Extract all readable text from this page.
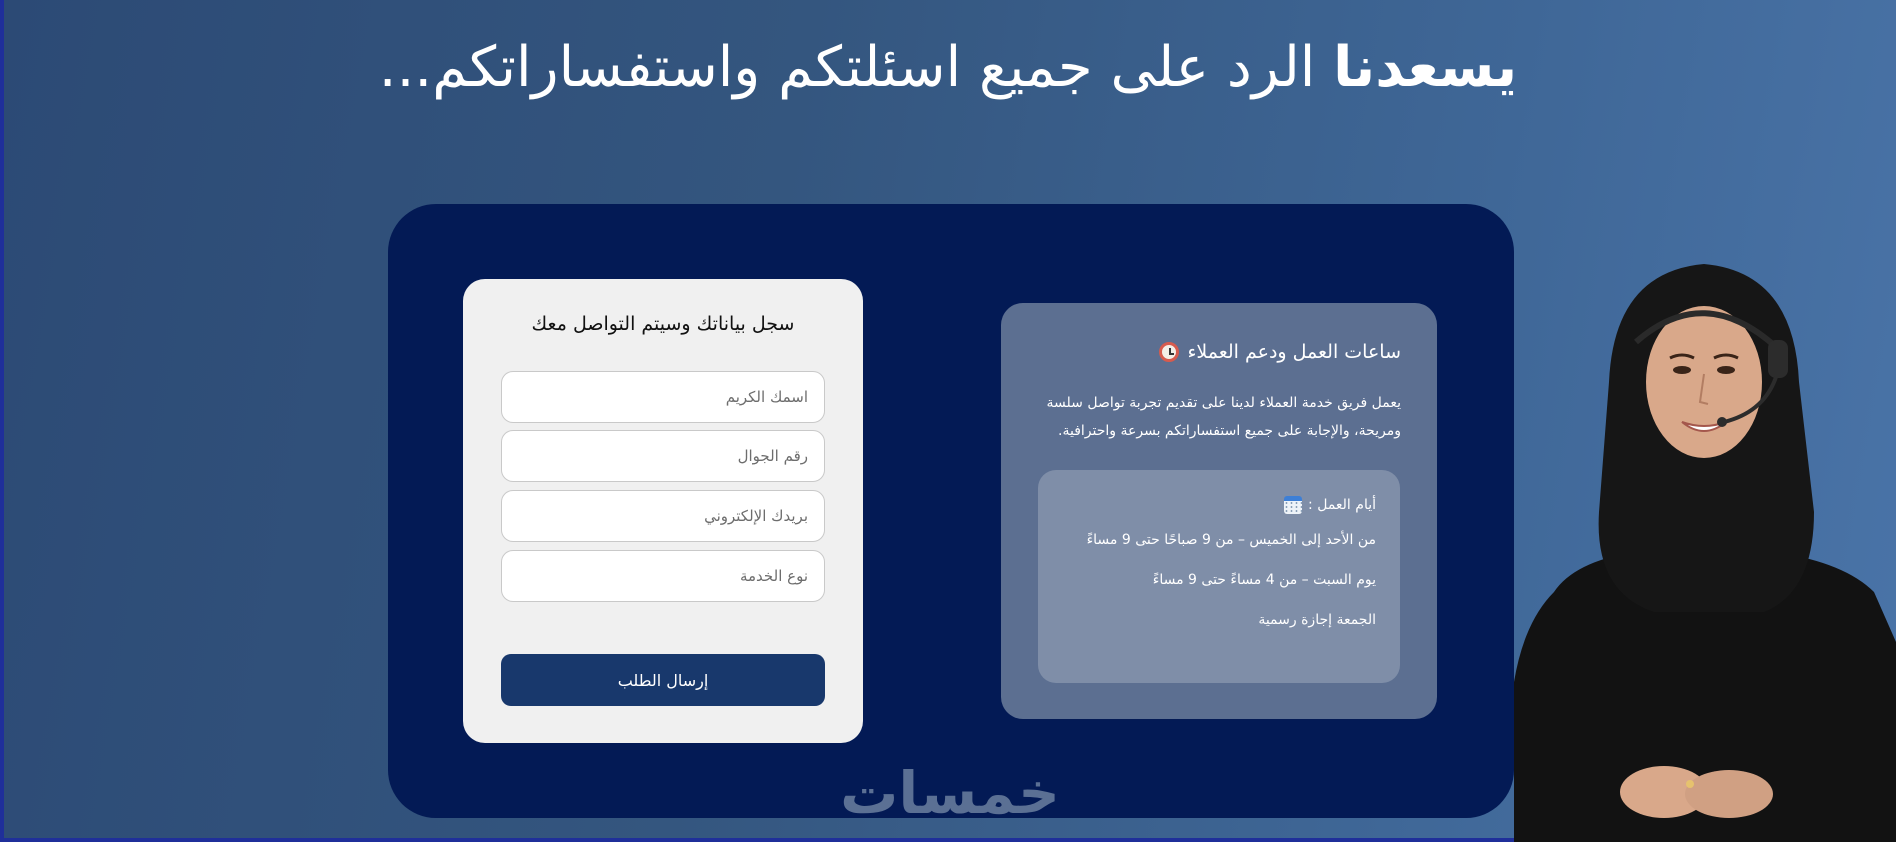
يسعدنا الرد على جميع اسئلتكم واستفساراتكم...
سجل بياناتك وسيتم التواصل معك
اسمك الكريم
رقم الجوال
بريدك الإلكتروني
نوع الخدمة
إرسال الطلب
ساعات العمل ودعم العملاء
يعمل فريق خدمة العملاء لدينا على تقديم تجربة تواصل سلسة ومريحة، والإجابة على جميع استفساراتكم بسرعة واحترافية.
أيام العمل :
من الأحد إلى الخميس – من 9 صباحًا حتى 9 مساءً
يوم السبت – من 4 مساءً حتى 9 مساءً
الجمعة إجازة رسمية
خمسات
